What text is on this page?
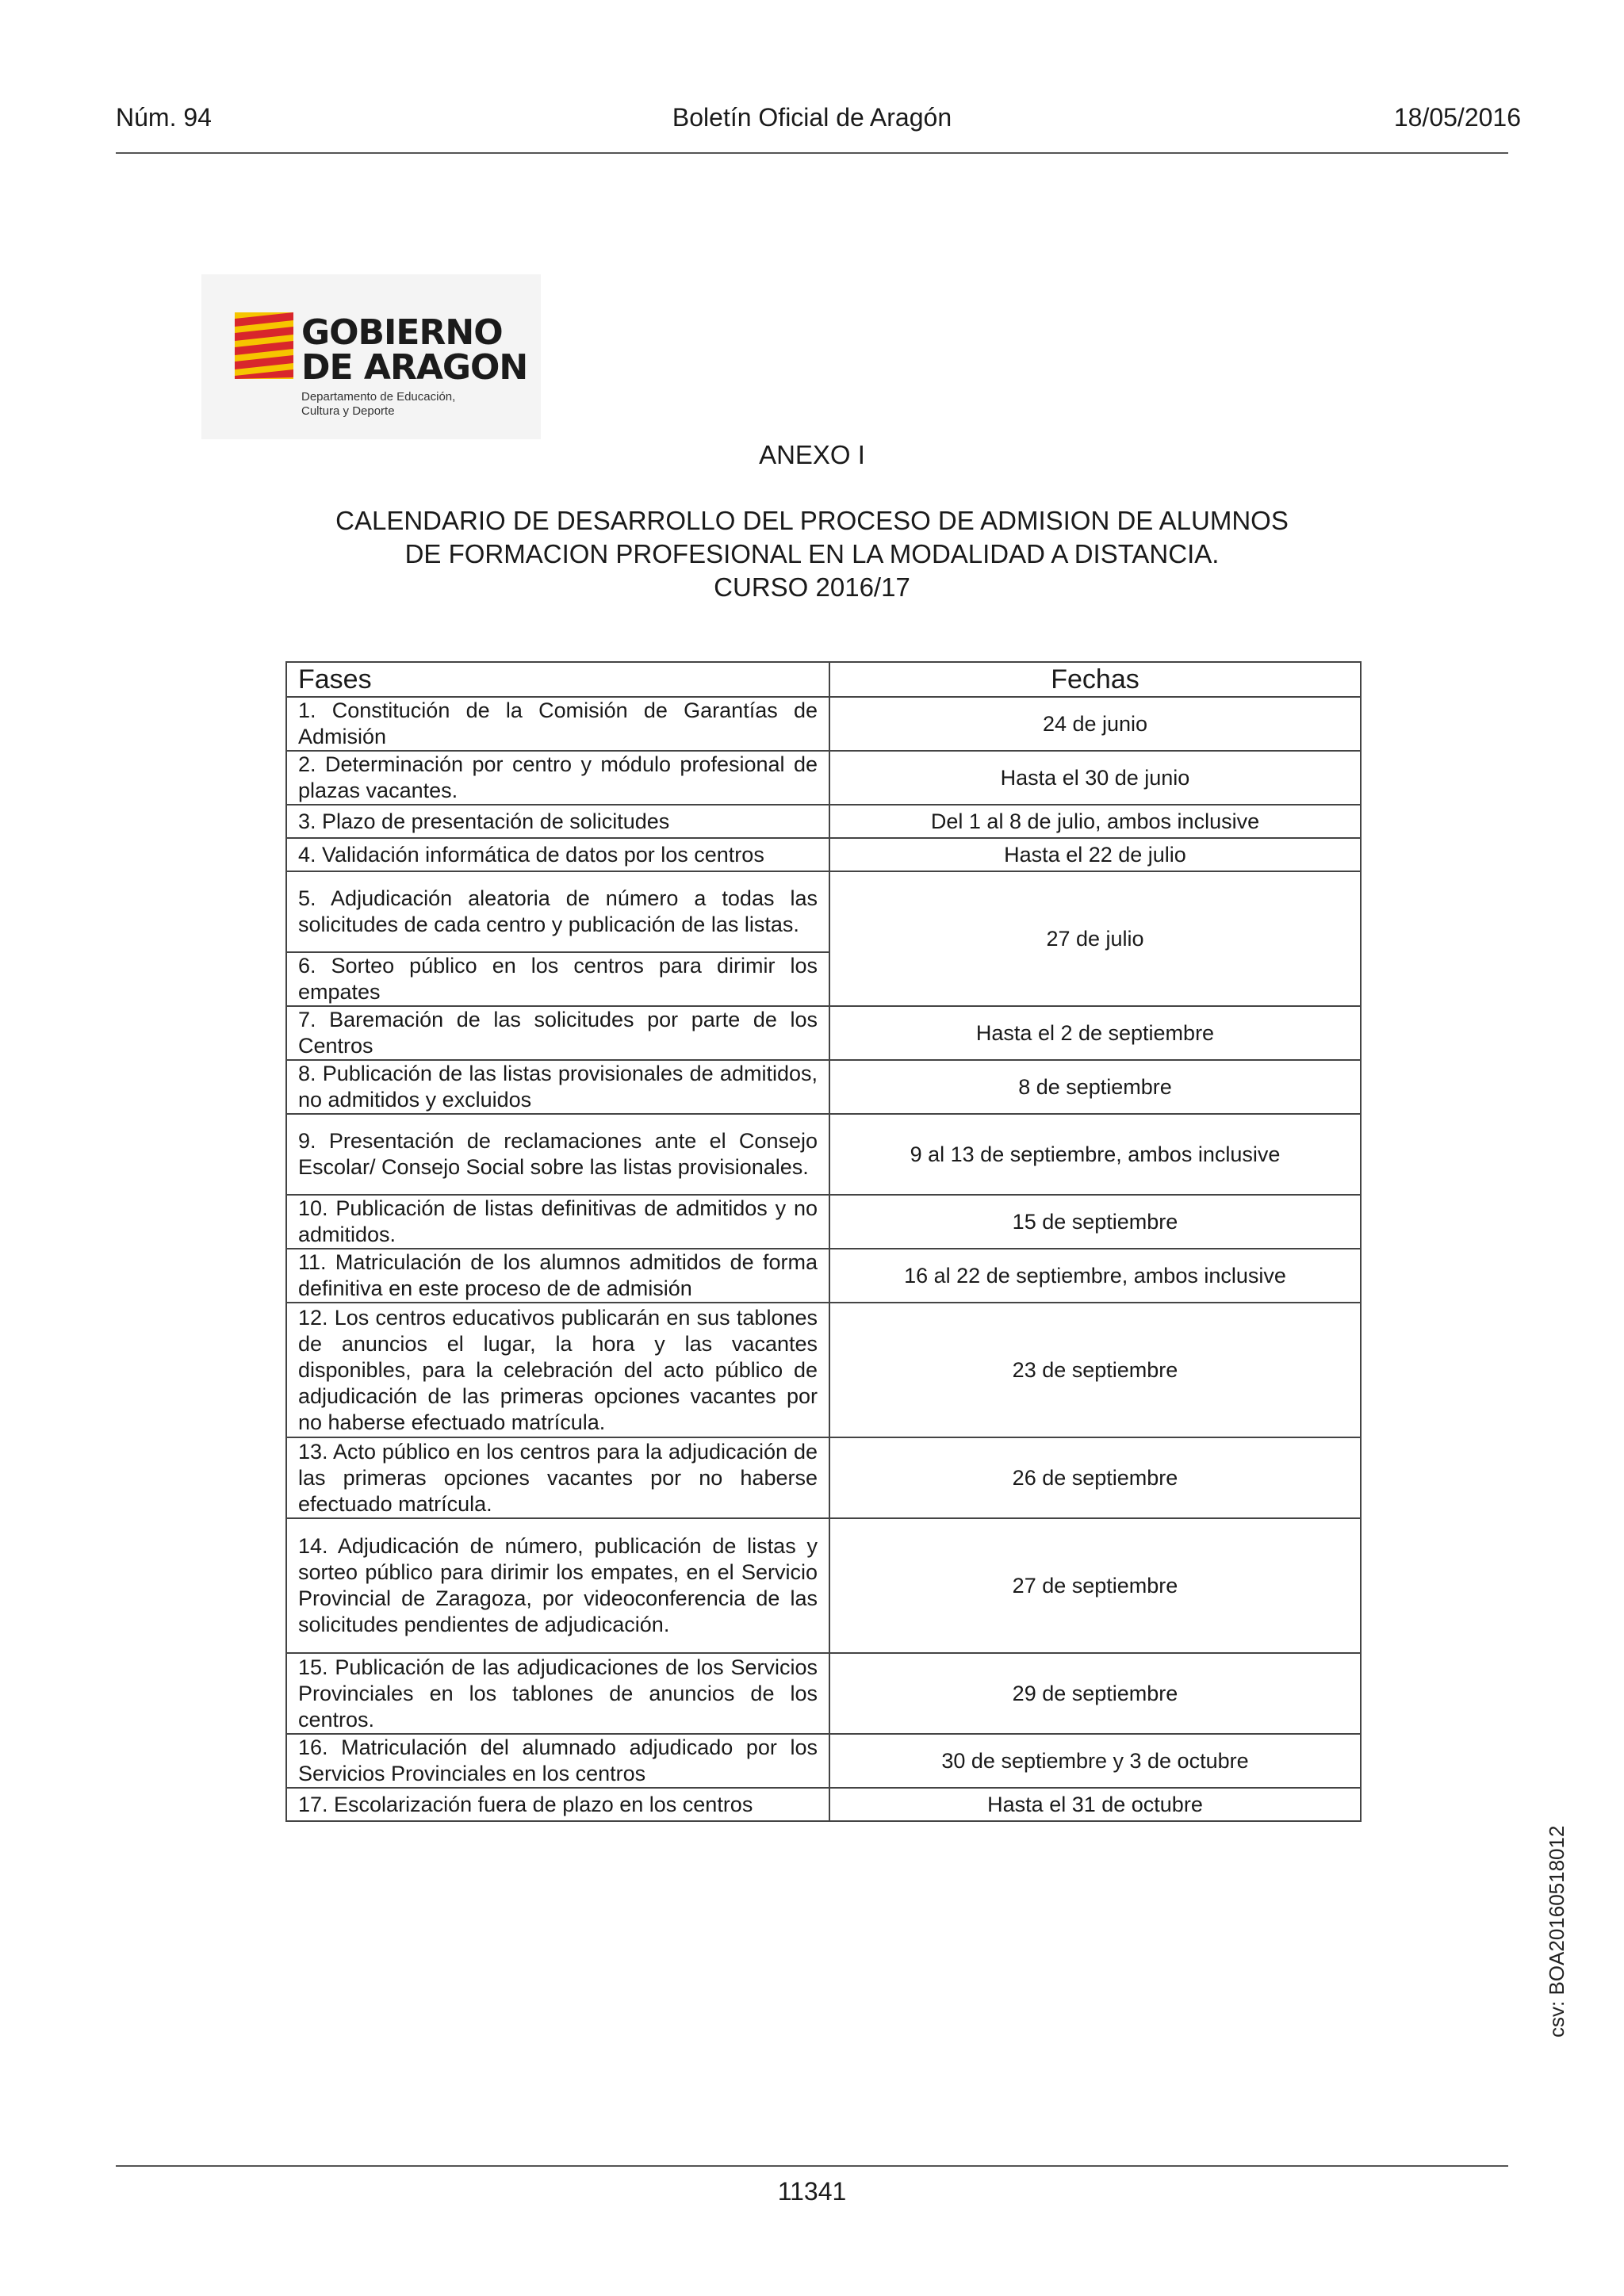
Núm. 94	Boletín Oficial de Aragón	18/05/2016
GOBIERNO
DE ARAGON
Departamento de Educación,
Cultura y Deporte
ANEXO I
CALENDARIO DE DESARROLLO DEL PROCESO DE ADMISION DE ALUMNOS
DE FORMACION PROFESIONAL EN LA MODALIDAD A DISTANCIA.
CURSO 2016/17
Fases	Fechas
1. Constitución de la Comisión de Garantías de Admisión	24 de junio
2. Determinación por centro y módulo profesional de plazas vacantes.	Hasta el 30 de junio
3. Plazo de presentación de solicitudes	Del 1 al 8 de julio, ambos inclusive
4. Validación informática de datos por los centros	Hasta el 22 de julio
5. Adjudicación aleatoria de número a todas las solicitudes de cada centro y publicación de las listas.	27 de julio
6. Sorteo público en los centros para dirimir los empates	
7. Baremación de las solicitudes por parte de los Centros	Hasta el 2 de septiembre
8. Publicación de las listas provisionales de admitidos, no admitidos y excluidos	8 de septiembre
9. Presentación de reclamaciones ante el Consejo Escolar/ Consejo Social sobre las listas provisionales.	9 al 13 de septiembre, ambos inclusive
10. Publicación de listas definitivas de admitidos y no admitidos.	15 de septiembre
11. Matriculación de los alumnos admitidos de forma definitiva en este proceso de de admisión	16 al 22 de septiembre, ambos inclusive
12. Los centros educativos publicarán en sus tablones de anuncios el lugar, la hora y las vacantes disponibles, para la celebración del acto público de adjudicación de las primeras opciones vacantes por no haberse efectuado matrícula.	23 de septiembre
13. Acto público en los centros para la adjudicación de las primeras opciones vacantes por no haberse efectuado matrícula.	26 de septiembre
14. Adjudicación de número, publicación de listas y sorteo público para dirimir los empates, en el Servicio Provincial de Zaragoza, por videoconferencia de las solicitudes pendientes de adjudicación.	27 de septiembre
15. Publicación de las adjudicaciones de los Servicios Provinciales en los tablones de anuncios de los centros.	29 de septiembre
16. Matriculación del alumnado adjudicado por los Servicios Provinciales en los centros	30 de septiembre y 3 de octubre
17. Escolarización fuera de plazo en los centros	Hasta el 31 de octubre
csv: BOA20160518012
11341
